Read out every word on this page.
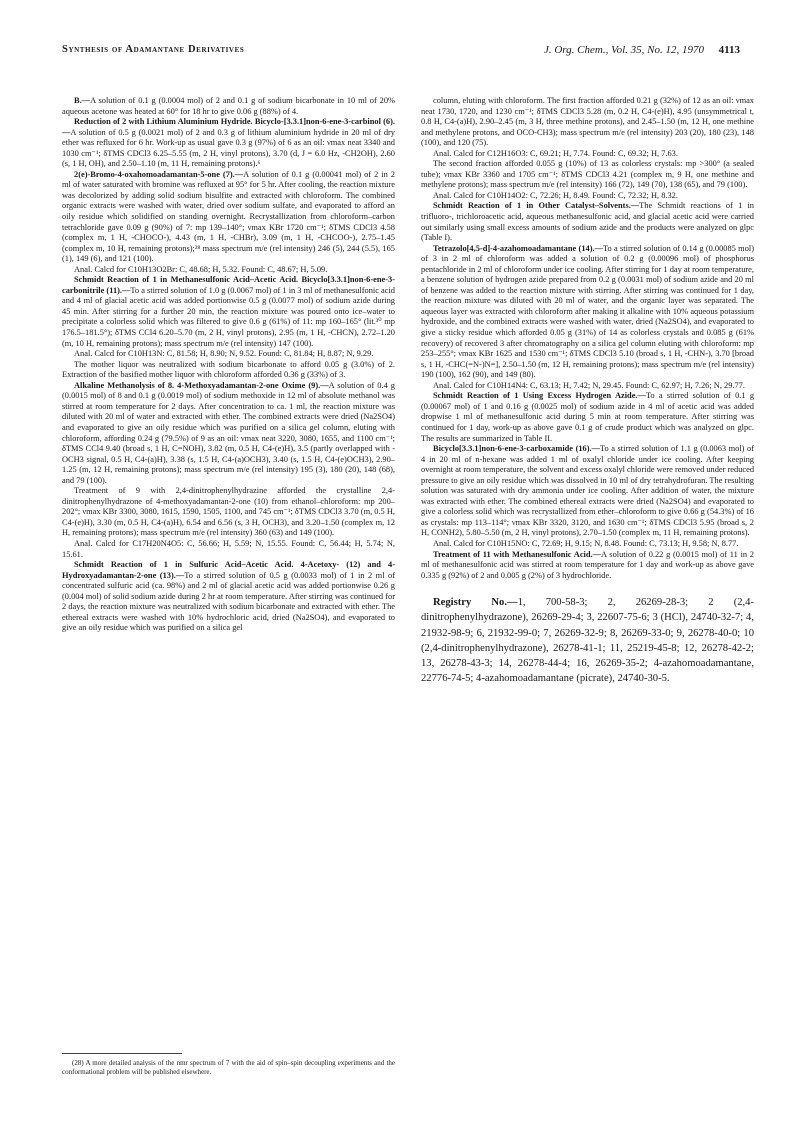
Synthesis of Adamantane Derivatives	J. Org. Chem., Vol. 35, No. 12, 1970 4113

B.—A solution of 0.1 g (0.0004 mol) of 2 and 0.1 g of sodium bicarbonate in 10 ml of 20% aqueous acetone was heated at 60° for 18 hr to give 0.06 g (88%) of 4.

Reduction of 2 with Lithium Aluminium Hydride. Bicyclo-[3.3.1]non-6-ene-3-carbinol (6).—A solution of 0.5 g (0.0021 mol) of 2 and 0.3 g of lithium aluminium hydride in 20 ml of dry ether was refluxed for 6 hr. Work-up as usual gave 0.3 g (97%) of 6 as an oil: νmax neat 3340 and 1030 cm⁻¹; δTMS CDCl3 6.25–5.55 (m, 2 H, vinyl protons), 3.70 (d, J = 6.0 Hz, -CH2OH), 2.60 (s, 1 H, OH), and 2.50–1.10 (m, 11 H, remaining protons).⁶

2(e)-Bromo-4-oxahomoadamantan-5-one (7).—A solution of 0.1 g (0.00041 mol) of 2 in 2 ml of water saturated with bromine was refluxed at 95° for 5 hr. After cooling, the reaction mixture was decolorized by adding solid sodium bisulfite and extracted with chloroform. The combined organic extracts were washed with water, dried over sodium sulfate, and evaporated to afford an oily residue which solidified on standing overnight. Recrystallization from chloroform–carbon tetrachloride gave 0.09 g (90%) of 7: mp 139–140°; νmax KBr 1720 cm⁻¹; δTMS CDCl3 4.58 (complex m, 1 H, -CHOCO-), 4.43 (m, 1 H, -CHBr), 3.09 (m, 1 H, -CHCOO-), 2.75–1.45 (complex m, 10 H, remaining protons);²⁸ mass spectrum m/e (rel intensity) 246 (5), 244 (5.5), 165 (1), 149 (6), and 121 (100).

Anal. Calcd for C10H13O2Br: C, 48.68; H, 5.32. Found: C, 48.67; H, 5.09.

Schmidt Reaction of 1 in Methanesulfonic Acid–Acetic Acid. Bicyclo[3.3.1]non-6-ene-3-carbonitrile (11).—To a stirred solution of 1.0 g (0.0067 mol) of 1 in 3 ml of methanesulfonic acid and 4 ml of glacial acetic acid was added portionwise 0.5 g (0.0077 mol) of sodium azide during 45 min. After stirring for a further 20 min, the reaction mixture was poured onto ice–water to precipitate a colorless solid which was filtered to give 0.6 g (61%) of 11: mp 160–165° (lit.³⁰ mp 176.5–181.5°); δTMS CCl4 6.20–5.70 (m, 2 H, vinyl protons), 2.95 (m, 1 H, -CHCN), 2.72–1.20 (m, 10 H, remaining protons); mass spectrum m/e (rel intensity) 147 (100).

Anal. Calcd for C10H13N: C, 81.58; H, 8.90; N, 9.52. Found: C, 81.84; H, 8.87; N, 9.29.

The mother liquor was neutralized with sodium bicarbonate to afford 0.05 g (3.0%) of 2. Extraction of the basified mother liquor with chloroform afforded 0.36 g (33%) of 3.

Alkaline Methanolysis of 8. 4-Methoxyadamantan-2-one Oxime (9).—A solution of 0.4 g (0.0015 mol) of 8 and 0.1 g (0.0019 mol) of sodium methoxide in 12 ml of absolute methanol was stirred at room temperature for 2 days. After concentration to ca. 1 ml, the reaction mixture was diluted with 20 ml of water and extracted with ether. The combined extracts were dried (Na2SO4) and evaporated to give an oily residue which was purified on a silica gel column, eluting with chloroform, affording 0.24 g (79.5%) of 9 as an oil: νmax neat 3220, 3080, 1655, and 1100 cm⁻¹; δTMS CCl4 9.40 (broad s, 1 H, C=NOH), 3.82 (m, 0.5 H, C4-(e)H), 3.5 (partly overlapped with -OCH3 signal, 0.5 H, C4-(a)H), 3.38 (s, 1.5 H, C4-(a)OCH3), 3.40 (s, 1.5 H, C4-(e)OCH3), 2.90–1.25 (m, 12 H, remaining protons); mass spectrum m/e (rel intensity) 195 (3), 180 (20), 148 (68), and 79 (100).

Treatment of 9 with 2,4-dinitrophenylhydrazine afforded the crystalline 2,4-dinitrophenylhydrazone of 4-methoxyadamantan-2-one (10) from ethanol–chloroform: mp 200–202°; νmax KBr 3300, 3080, 1615, 1590, 1505, 1100, and 745 cm⁻¹; δTMS CDCl3 3.70 (m, 0.5 H, C4-(e)H), 3.30 (m, 0.5 H, C4-(a)H), 6.54 and 6.56 (s, 3 H, OCH3), and 3.20–1.50 (complex m, 12 H, remaining protons); mass spectrum m/e (rel intensity) 360 (63) and 149 (100).

Anal. Calcd for C17H20N4O5: C, 56.66; H, 5.59; N, 15.55. Found: C, 56.44; H, 5.74; N, 15.61.

Schmidt Reaction of 1 in Sulfuric Acid–Acetic Acid. 4-Acetoxy- (12) and 4-Hydroxyadamantan-2-one (13).—To a stirred solution of 0.5 g (0.0033 mol) of 1 in 2 ml of concentrated sulfuric acid (ca. 98%) and 2 ml of glacial acetic acid was added portionwise 0.26 g (0.004 mol) of solid sodium azide during 2 hr at room temperature. After stirring was continued for 2 days, the reaction mixture was neutralized with sodium bicarbonate and extracted with ether. The ethereal extracts were washed with 10% hydrochloric acid, dried (Na2SO4), and evaporated to give an oily residue which was purified on a silica gel

column, eluting with chloroform. The first fraction afforded 0.21 g (32%) of 12 as an oil: νmax neat 1730, 1720, and 1230 cm⁻¹; δTMS CDCl3 5.28 (m, 0.2 H, C4-(e)H), 4.95 (unsymmetrical t, 0.8 H, C4-(a)H), 2.90–2.45 (m, 3 H, three methine protons), and 2.45–1.50 (m, 12 H, one methine and methylene protons, and OCO-CH3); mass spectrum m/e (rel intensity) 203 (20), 180 (23), 148 (100), and 120 (75).

Anal. Calcd for C12H16O3: C, 69.21; H, 7.74. Found: C, 69.32; H, 7.63.

The second fraction afforded 0.055 g (10%) of 13 as colorless crystals: mp >300° (a sealed tube); νmax KBr 3360 and 1705 cm⁻¹; δTMS CDCl3 4.21 (complex m, 9 H, one methine and methylene protons); mass spectrum m/e (rel intensity) 166 (72), 149 (70), 138 (65), and 79 (100).

Anal. Calcd for C10H14O2: C, 72.26; H, 8.49. Found: C, 72.32; H, 8.32.

Schmidt Reaction of 1 in Other Catalyst–Solvents.—The Schmidt reactions of 1 in trifluoro-, trichloroacetic acid, aqueous methanesulfonic acid, and glacial acetic acid were carried out similarly using small excess amounts of sodium azide and the products were analyzed on glpc (Table I).

Tetrazolo[4,5-d]-4-azahomoadamantane (14).—To a stirred solution of 0.14 g (0.00085 mol) of 3 in 2 ml of chloroform was added a solution of 0.2 g (0.00096 mol) of phosphorus pentachloride in 2 ml of chloroform under ice cooling. After stirring for 1 day at room temperature, a benzene solution of hydrogen azide prepared from 0.2 g (0.0031 mol) of sodium azide and 20 ml of benzene was added to the reaction mixture with stirring. After stirring was continued for 1 day, the reaction mixture was diluted with 20 ml of water, and the organic layer was separated. The aqueous layer was extracted with chloroform after making it alkaline with 10% aqueous potassium hydroxide, and the combined extracts were washed with water, dried (Na2SO4), and evaporated to give a sticky residue which afforded 0.05 g (31%) of 14 as colorless crystals and 0.085 g (61% recovery) of recovered 3 after chromatography on a silica gel column eluting with chloroform: mp 253–255°; νmax KBr 1625 and 1530 cm⁻¹; δTMS CDCl3 5.10 (broad s, 1 H, -CHN-), 3.70 [broad s, 1 H, -CHC(=N-)N=], 2.50–1.50 (m, 12 H, remaining protons); mass spectrum m/e (rel intensity) 190 (100), 162 (90), and 149 (80).

Anal. Calcd for C10H14N4: C, 63.13; H, 7.42; N, 29.45. Found: C, 62.97; H, 7.26; N, 29.77.

Schmidt Reaction of 1 Using Excess Hydrogen Azide.—To a stirred solution of 0.1 g (0.00067 mol) of 1 and 0.16 g (0.0025 mol) of sodium azide in 4 ml of acetic acid was added dropwise 1 ml of methanesulfonic acid during 5 min at room temperature. After stirring was continued for 1 day, work-up as above gave 0.1 g of crude product which was analyzed on glpc. The results are summarized in Table II.

Bicyclo[3.3.1]non-6-ene-3-carboxamide (16).—To a stirred solution of 1.1 g (0.0063 mol) of 4 in 20 ml of n-hexane was added 1 ml of oxalyl chloride under ice cooling. After keeping overnight at room temperature, the solvent and excess oxalyl chloride were removed under reduced pressure to give an oily residue which was dissolved in 10 ml of dry tetrahydrofuran. The resulting solution was saturated with dry ammonia under ice cooling. After addition of water, the mixture was extracted with ether. The combined ethereal extracts were dried (Na2SO4) and evaporated to give a colorless solid which was recrystallized from ether–chloroform to give 0.66 g (54.3%) of 16 as crystals: mp 113–114°; νmax KBr 3320, 3120, and 1630 cm⁻¹; δTMS CDCl3 5.95 (broad s, 2 H, CONH2), 5.80–5.50 (m, 2 H, vinyl protons), 2.70–1.50 (complex m, 11 H, remaining protons).

Anal. Calcd for C10H15NO: C, 72.69; H, 9.15; N, 8.48. Found: C, 73.13; H, 9.58; N, 8.77.

Treatment of 11 with Methanesulfonic Acid.—A solution of 0.22 g (0.0015 mol) of 11 in 2 ml of methanesulfonic acid was stirred at room temperature for 1 day and work-up as above gave 0.335 g (92%) of 2 and 0.005 g (2%) of 3 hydrochloride.

Registry No.—1, 700-58-3; 2, 26269-28-3; 2 (2,4-dinitrophenylhydrazone), 26269-29-4; 3, 22607-75-6; 3 (HCl), 24740-32-7; 4, 21932-98-9; 6, 21932-99-0; 7, 26269-32-9; 8, 26269-33-0; 9, 26278-40-0; 10 (2,4-dinitrophenylhydrazone), 26278-41-1; 11, 25219-45-8; 12, 26278-42-2; 13, 26278-43-3; 14, 26278-44-4; 16, 26269-35-2; 4-azahomoadamantane, 22776-74-5; 4-azahomoadamantane (picrate), 24740-30-5.

(28) A more detailed analysis of the nmr spectrum of 7 with the aid of spin–spin decoupling experiments and the conformational problem will be published elsewhere.
